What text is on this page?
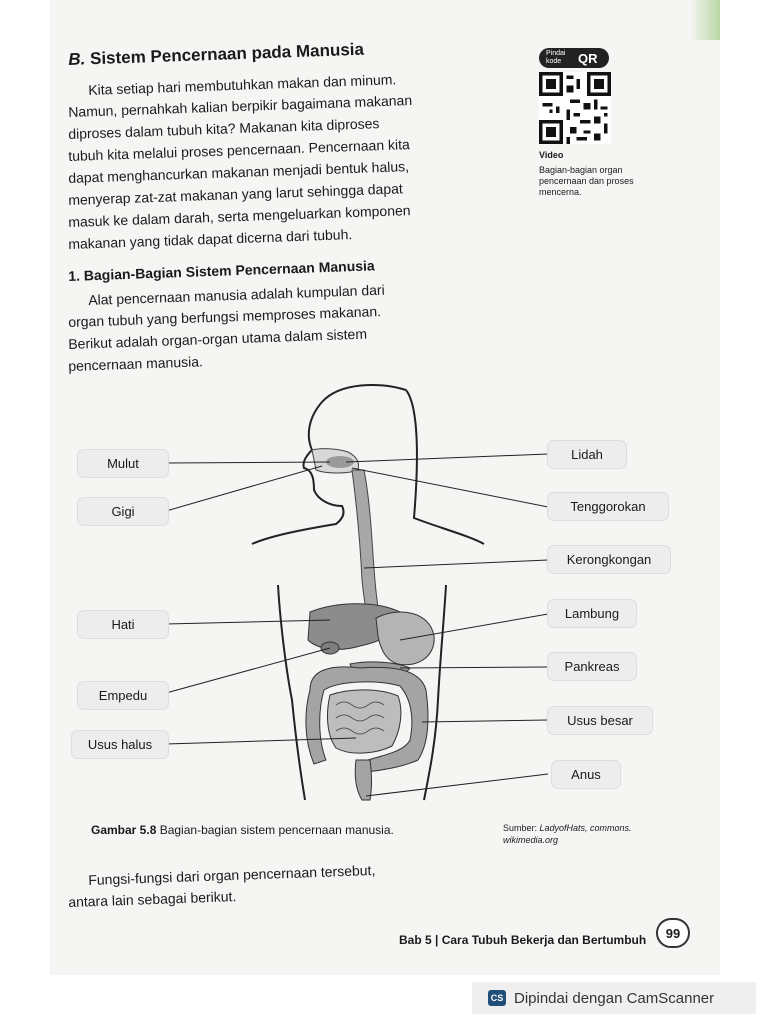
B. Sistem Pencernaan pada Manusia

Kita setiap hari membutuhkan makan dan minum.

Namun, pernahkah kalian berpikir bagaimana makanan

diproses dalam tubuh kita? Makanan kita diproses

tubuh kita melalui proses pencernaan. Pencernaan kita

dapat menghancurkan makanan menjadi bentuk halus,

menyerap zat-zat makanan yang larut sehingga dapat

masuk ke dalam darah, serta mengeluarkan komponen

makanan yang tidak dapat dicerna dari tubuh.

1. Bagian-Bagian Sistem Pencernaan Manusia

Alat pencernaan manusia adalah kumpulan dari

organ tubuh yang berfungsi memproses makanan.

Berikut adalah organ-organ utama dalam sistem

pencernaan manusia.

Pindai kode	QR
Video
Bagian-bagian organ pencernaan dan proses mencerna.
Mulut
Gigi
Hati
Empedu
Usus halus
Lidah
Tenggorokan
Kerongkongan
Lambung
Pankreas
Usus besar
Anus
Gambar 5.8 Bagian-bagian sistem pencernaan manusia.	Sumber: LadyofHats, commons.
wikimedia.org

Fungsi-fungsi dari organ pencernaan tersebut,

antara lain sebagai berikut.

Bab 5 | Cara Tubuh Bekerja dan Bertumbuh	99
CS Dipindai dengan CamScanner
